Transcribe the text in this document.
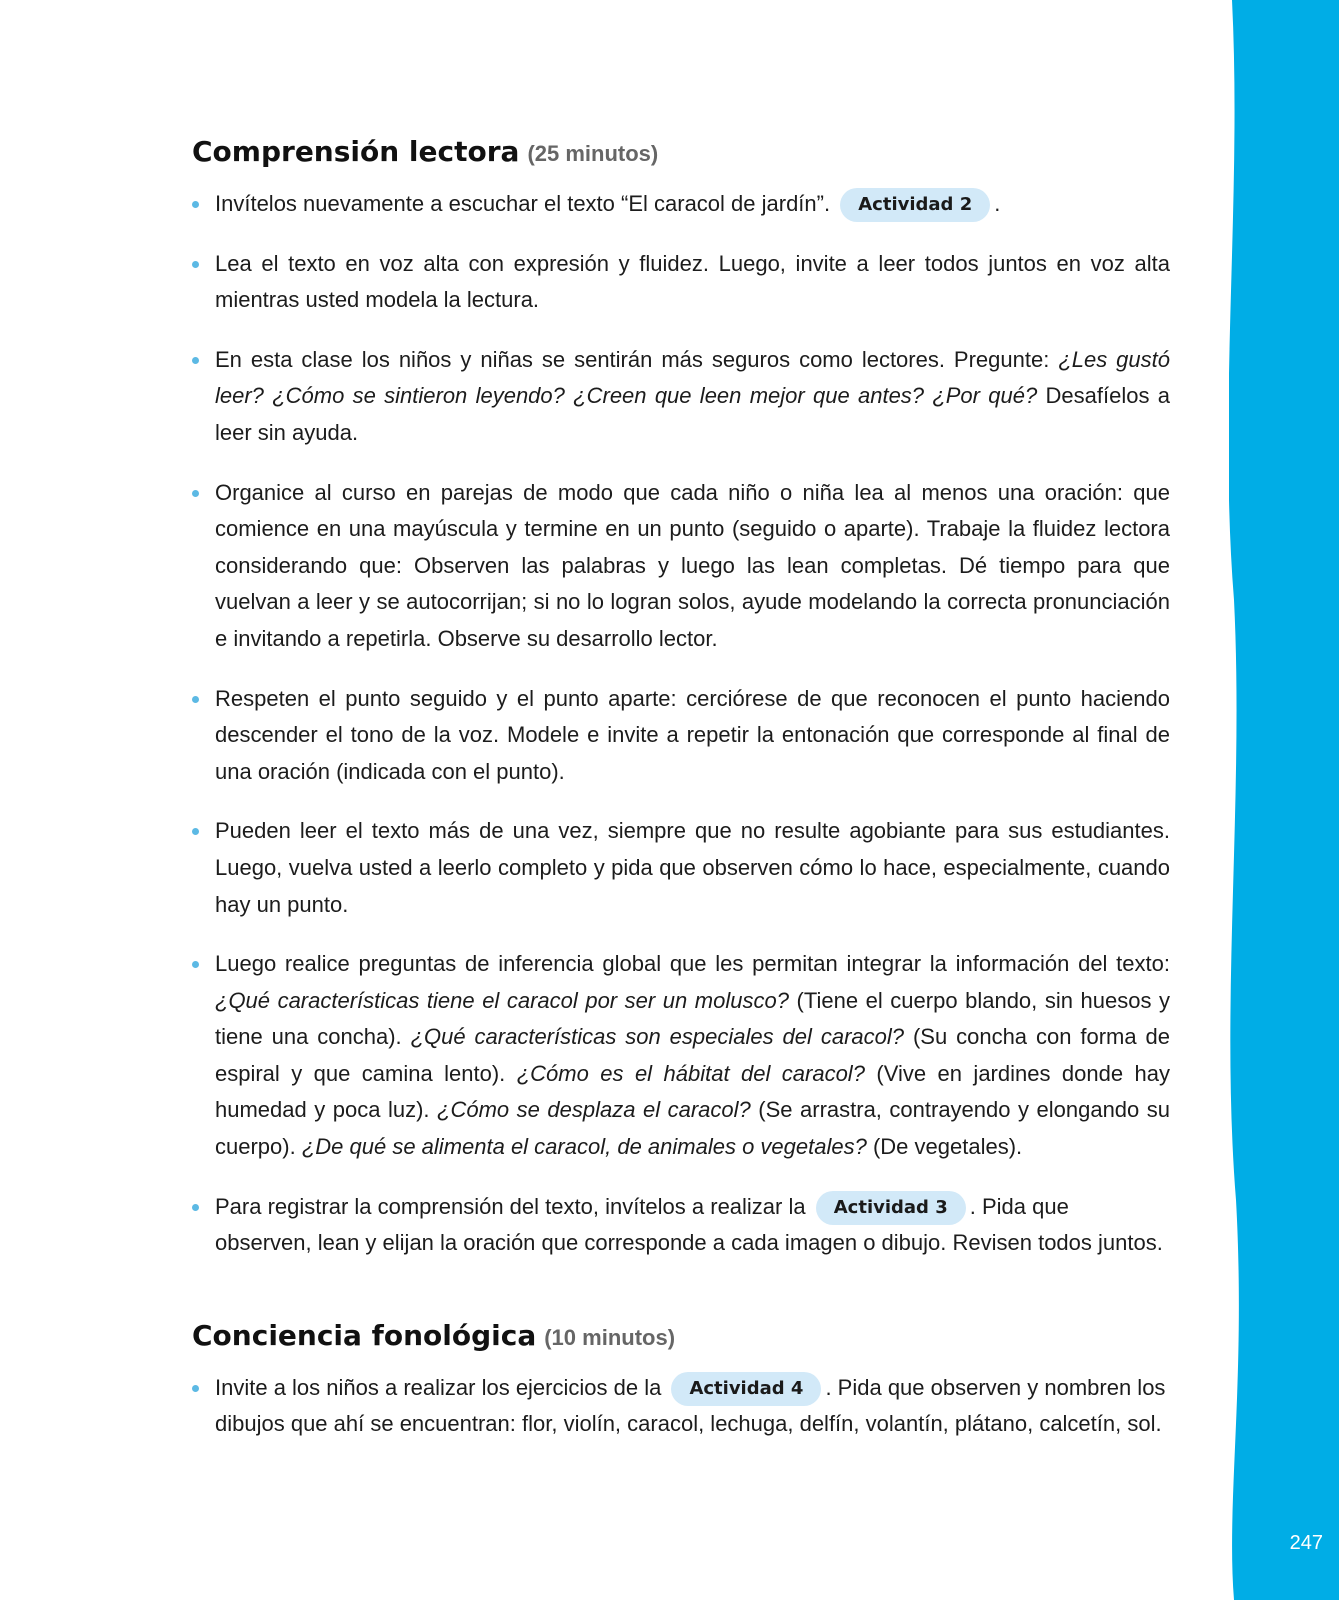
247
Comprensión lectora (25 minutos)
Invítelos nuevamente a escuchar el texto “El caracol de jardín”. Actividad 2 .
Lea el texto en voz alta con expresión y fluidez. Luego, invite a leer todos juntos en voz alta mientras usted modela la lectura.
En esta clase los niños y niñas se sentirán más seguros como lectores. Pregunte: ¿Les gustó leer? ¿Cómo se sintieron leyendo? ¿Creen que leen mejor que antes? ¿Por qué? Desafíelos a leer sin ayuda.
Organice al curso en parejas de modo que cada niño o niña lea al menos una oración: que comience en una mayúscula y termine en un punto (seguido o aparte). Trabaje la fluidez lectora considerando que: Observen las palabras y luego las lean completas. Dé tiempo para que vuelvan a leer y se autocorrijan; si no lo logran solos, ayude modelando la correcta pronunciación e invitando a repetirla. Observe su desarrollo lector.
Respeten el punto seguido y el punto aparte: cerciórese de que reconocen el punto haciendo descender el tono de la voz. Modele e invite a repetir la entonación que corresponde al final de una oración (indicada con el punto).
Pueden leer el texto más de una vez, siempre que no resulte agobiante para sus estudiantes. Luego, vuelva usted a leerlo completo y pida que observen cómo lo hace, especialmente, cuando hay un punto.
Luego realice preguntas de inferencia global que les permitan integrar la información del texto: ¿Qué características tiene el caracol por ser un molusco? (Tiene el cuerpo blando, sin huesos y tiene una concha). ¿Qué características son especiales del caracol? (Su concha con forma de espiral y que camina lento). ¿Cómo es el hábitat del caracol? (Vive en jardines donde hay humedad y poca luz). ¿Cómo se desplaza el caracol? (Se arrastra, contrayendo y elongando su cuerpo). ¿De qué se alimenta el caracol, de animales o vegetales? (De vegetales).
Para registrar la comprensión del texto, invítelos a realizar la Actividad 3 . Pida que observen, lean y elijan la oración que corresponde a cada imagen o dibujo. Revisen todos juntos.
Conciencia fonológica (10 minutos)
Invite a los niños a realizar los ejercicios de la Actividad 4 . Pida que observen y nombren los dibujos que ahí se encuentran: flor, violín, caracol, lechuga, delfín, volantín, plátano, calcetín, sol.
